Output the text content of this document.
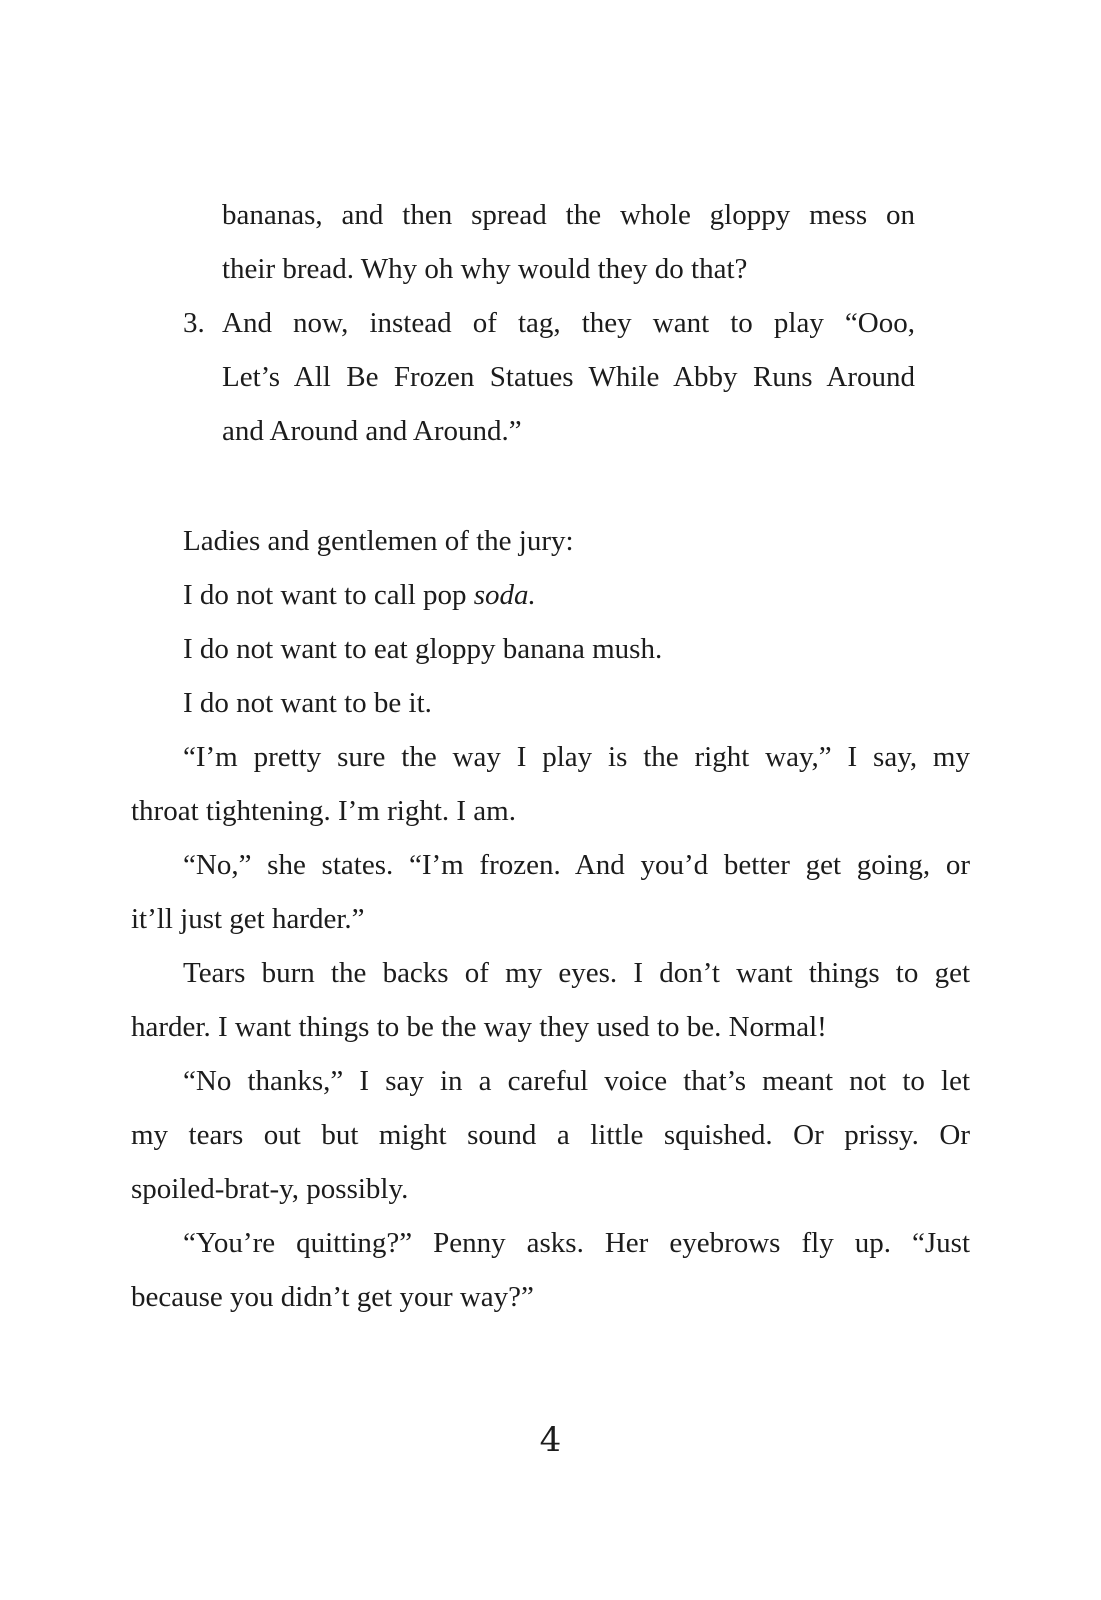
bananas, and then spread the whole gloppy mess on
their bread. Why oh why would they do that?
3. And now, instead of tag, they want to play “Ooo,
Let’s All Be Frozen Statues While Abby Runs Around
and Around and Around.”
Ladies and gentlemen of the jury:
I do not want to call pop soda.
I do not want to eat gloppy banana mush.
I do not want to be it.
“I’m pretty sure the way I play is the right way,” I say, my
throat tightening. I’m right. I am.
“No,” she states. “I’m frozen. And you’d better get going, or
it’ll just get harder.”
Tears burn the backs of my eyes. I don’t want things to get
harder. I want things to be the way they used to be. Normal!
“No thanks,” I say in a careful voice that’s meant not to let
my tears out but might sound a little squished. Or prissy. Or
spoiled-brat-y, possibly.
“You’re quitting?” Penny asks. Her eyebrows fly up. “Just
because you didn’t get your way?”
4
